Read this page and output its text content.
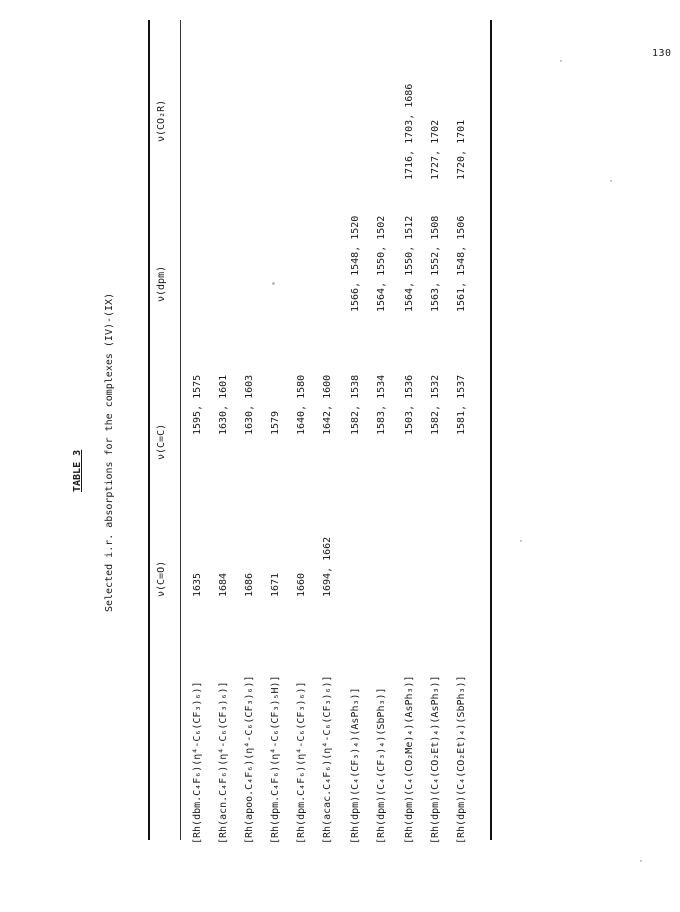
130
TABLE 3 Selected i.r. absorptions for the complexes (IV)-(IX)	ν(C=O)
ν(C=C)
ν(dpm)
ν(CO₂R)
[Rh(dbm.C₄F₆)(η⁴-C₆(CF₃)₆)]
1635
1595, 1575
[Rh(acn.C₄F₆)(η⁴-C₆(CF₃)₆)]
1684
1630, 1601
[Rh(apoo.C₄F₆)(η⁴-C₆(CF₃)₆)]
1686
1630, 1603
[Rh(dpm.C₄F₆)(η⁴-C₆(CF₃)₅H)]
1671
1579
[Rh(dpm.C₄F₆)(η⁴-C₆(CF₃)₆)]
1660
1640, 1580
[Rh(acac.C₄F₆)(η⁴-C₆(CF₃)₆)]
1694, 1662
1642, 1600
[Rh(dpm)(C₄(CF₃)₄)(AsPh₃)]
1582, 1538
1566, 1548, 1520
[Rh(dpm)(C₄(CF₃)₄)(SbPh₃)]
1583, 1534
1564, 1550, 1502
[Rh(dpm)(C₄(CO₂Me)₄)(AsPh₃)]
1503, 1536
1564, 1550, 1512
1716, 1703, 1686
[Rh(dpm)(C₄(CO₂Et)₄)(AsPh₃)]
1582, 1532
1563, 1552, 1508
1727, 1702
[Rh(dpm)(C₄(CO₂Et)₄)(SbPh₃)]
1581, 1537
1561, 1548, 1506
1720, 1701
